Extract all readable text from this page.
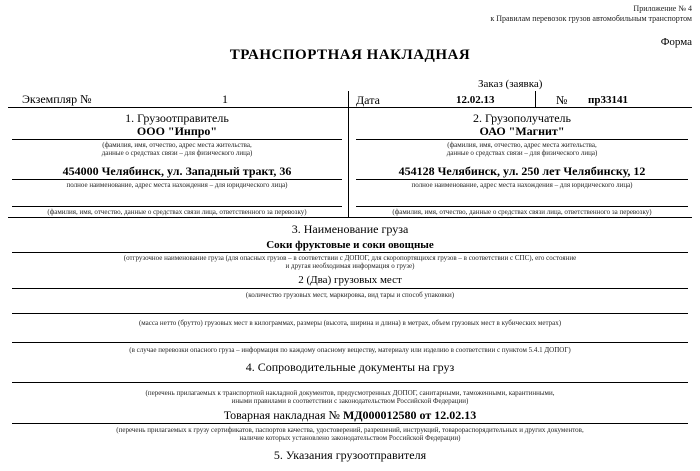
Приложение № 4
к Правилам перевозок грузов автомобильным транспортом
Форма
ТРАНСПОРТНАЯ НАКЛАДНАЯ
Заказ (заявка)
Экземпляр №	1	Дата	12.02.13	№ пр33141
1. Грузоотправитель
ООО "Инпро"
(фамилия, имя, отчество, адрес места жительства,
данные о средствах связи – для физического лица)
454000 Челябинск, ул. Западный тракт, 36
полное наименование, адрес места нахождения – для юридического лица)
(фамилия, имя, отчество, данные о средствах связи лица, ответственного за перевозку)
2. Грузополучатель
ОАО "Магнит"
(фамилия, имя, отчество, адрес места жительства,
данные о средствах связи – для физического лица)
454128 Челябинск, ул. 250 лет Челябинску, 12
полное наименование, адрес места нахождения – для юридического лица)
(фамилия, имя, отчество, данные о средствах связи лица, ответственного за перевозку)
3. Наименование груза
Соки фруктовые и соки овощные
(отгрузочное наименование груза (для опасных грузов – в соответствии с ДОПОГ, для скоропортящихся грузов – в соответствии с СПС), его состояние
и другая необходимая информация о грузе)
2 (Два) грузовых мест
(количество грузовых мест, маркировка, вид тары и способ упаковки)
(масса нетто (брутто) грузовых мест в килограммах, размеры (высота, ширина и длина) в метрах, объем грузовых мест в кубических метрах)
(в случае перевозки опасного груза – информация по каждому опасному веществу, материалу или изделию в соответствии с пунктом 5.4.1 ДОПОГ)
4. Сопроводительные документы на груз
(перечень прилагаемых к транспортной накладной документов, предусмотренных ДОПОГ, санитарными, таможенными, карантинными,
иными правилами в соответствии с законодательством Российской Федерации)
Товарная накладная № МД000012580 от 12.02.13
(перечень прилагаемых к грузу сертификатов, паспортов качества, удостоверений, разрешений, инструкций, товарораспорядительных и других документов,
наличие которых установлено законодательством Российской Федерации)
5. Указания грузоотправителя
